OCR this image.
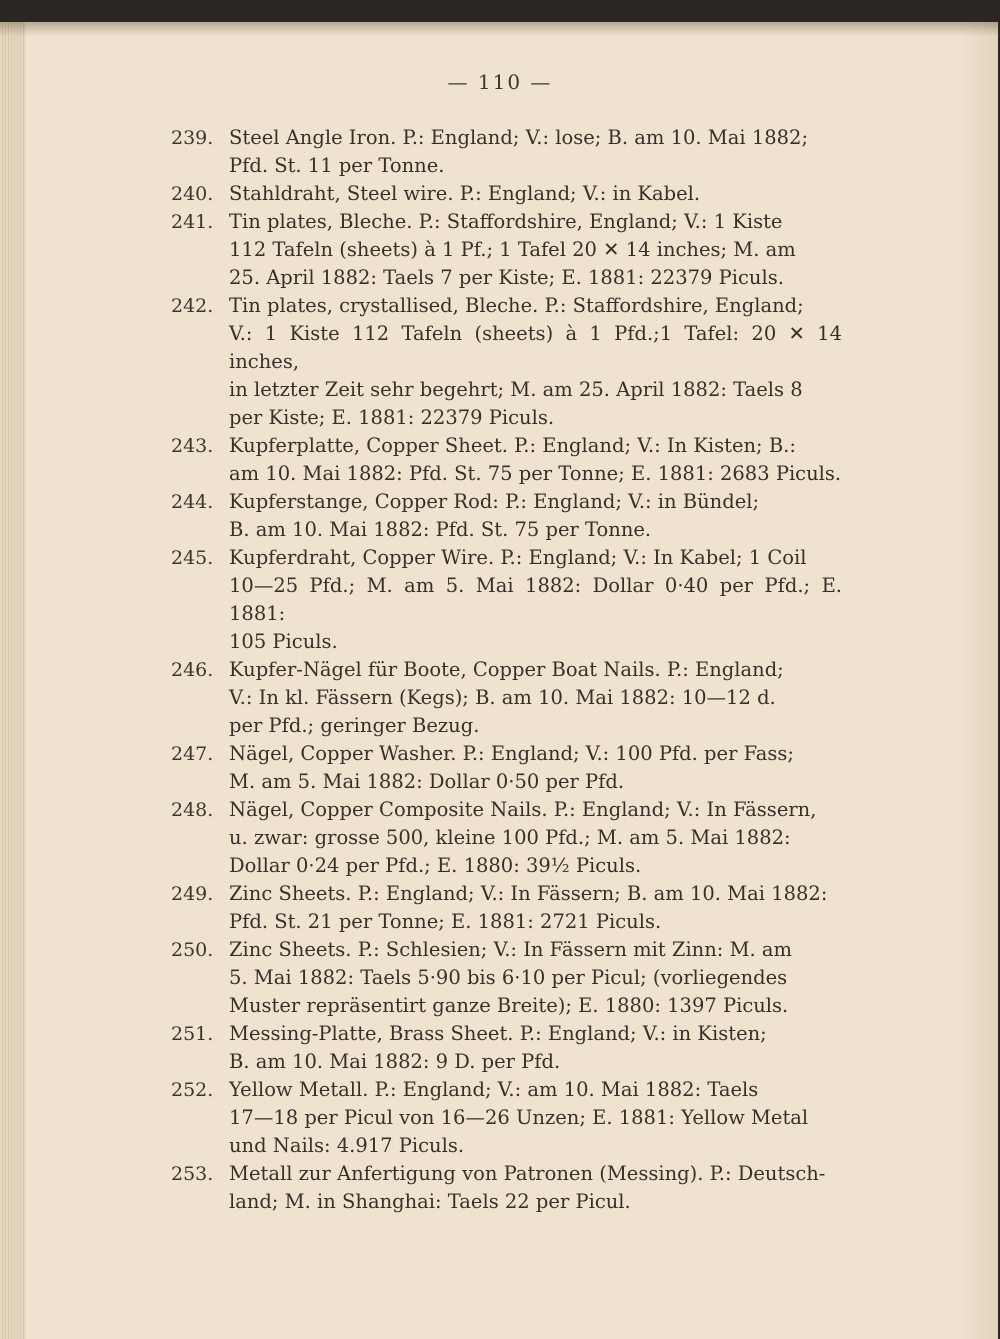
— 110 —
239. Steel Angle Iron. P.: England; V.: lose; B. am 10. Mai 1882;
Pfd. St. 11 per Tonne.
240. Stahldraht, Steel wire. P.: England; V.: in Kabel.
241. Tin plates, Bleche. P.: Staffordshire, England; V.: 1 Kiste
112 Tafeln (sheets) à 1 Pf.; 1 Tafel 20 ✕ 14 inches; M. am
25. April 1882: Taels 7 per Kiste; E. 1881: 22379 Piculs.
242. Tin plates, crystallised, Bleche. P.: Staffordshire, England;
V.: 1 Kiste 112 Tafeln (sheets) à 1 Pfd.;1 Tafel: 20 ✕ 14 inches,
in letzter Zeit sehr begehrt; M. am 25. April 1882: Taels 8
per Kiste; E. 1881: 22379 Piculs.
243. Kupferplatte, Copper Sheet. P.: England; V.: In Kisten; B.:
am 10. Mai 1882: Pfd. St. 75 per Tonne; E. 1881: 2683 Piculs.
244. Kupferstange, Copper Rod: P.: England; V.: in Bündel;
B. am 10. Mai 1882: Pfd. St. 75 per Tonne.
245. Kupferdraht, Copper Wire. P.: England; V.: In Kabel; 1 Coil
10—25 Pfd.; M. am 5. Mai 1882: Dollar 0·40 per Pfd.; E. 1881:
105 Piculs.
246. Kupfer-Nägel für Boote, Copper Boat Nails. P.: England;
V.: In kl. Fässern (Kegs); B. am 10. Mai 1882: 10—12 d.
per Pfd.; geringer Bezug.
247. Nägel, Copper Washer. P.: England; V.: 100 Pfd. per Fass;
M. am 5. Mai 1882: Dollar 0·50 per Pfd.
248. Nägel, Copper Composite Nails. P.: England; V.: In Fässern,
u. zwar: grosse 500, kleine 100 Pfd.; M. am 5. Mai 1882:
Dollar 0·24 per Pfd.; E. 1880: 39½ Piculs.
249. Zinc Sheets. P.: England; V.: In Fässern; B. am 10. Mai 1882:
Pfd. St. 21 per Tonne; E. 1881: 2721 Piculs.
250. Zinc Sheets. P.: Schlesien; V.: In Fässern mit Zinn: M. am
5. Mai 1882: Taels 5·90 bis 6·10 per Picul; (vorliegendes
Muster repräsentirt ganze Breite); E. 1880: 1397 Piculs.
251. Messing-Platte, Brass Sheet. P.: England; V.: in Kisten;
B. am 10. Mai 1882: 9 D. per Pfd.
252. Yellow Metall. P.: England; V.: am 10. Mai 1882: Taels
17—18 per Picul von 16—26 Unzen; E. 1881: Yellow Metal
und Nails: 4.917 Piculs.
253. Metall zur Anfertigung von Patronen (Messing). P.: Deutsch-
land; M. in Shanghai: Taels 22 per Picul.
